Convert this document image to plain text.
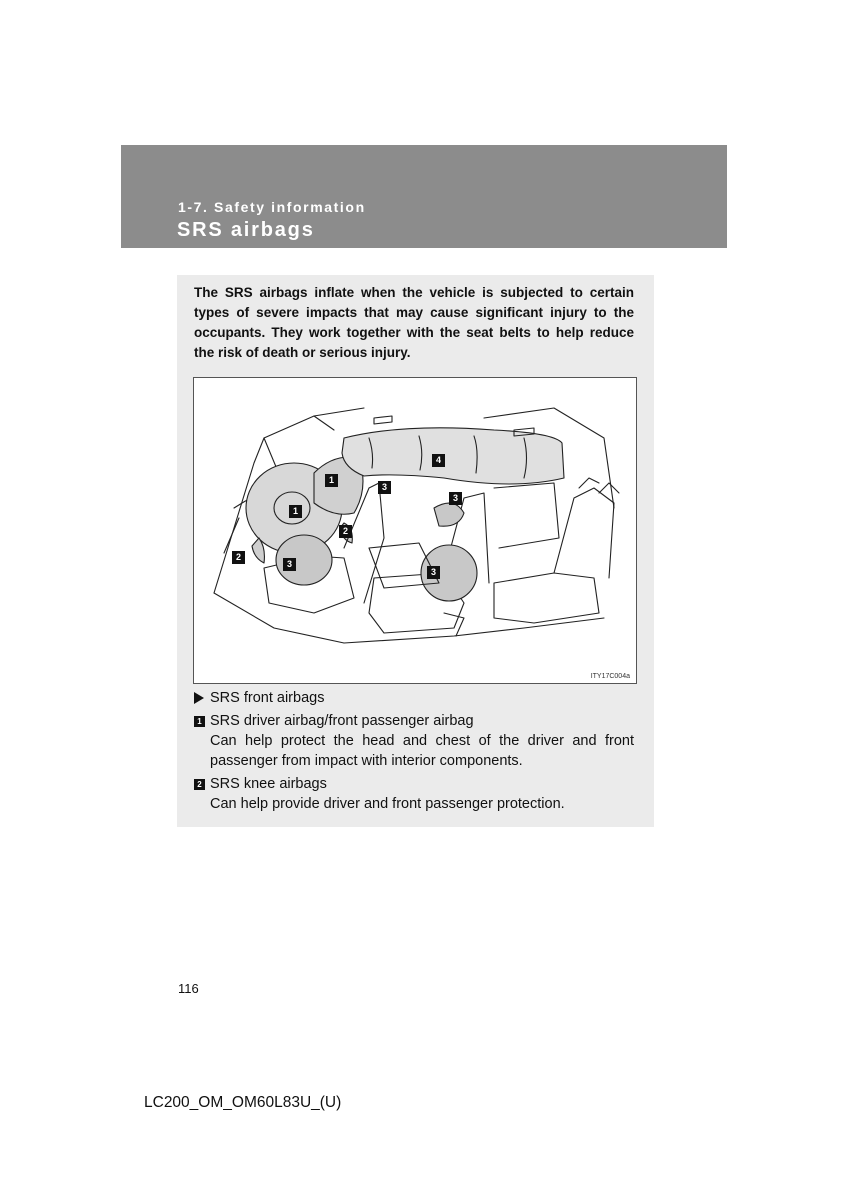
1-7. Safety information
SRS airbags
The SRS airbags inflate when the vehicle is subjected to certain types of severe impacts that may cause significant injury to the occupants. They work together with the seat belts to help reduce the risk of death or serious injury.
1
1
2
2
3
3
3
3
4
ITY17C004a
SRS front airbags
1 SRS driver airbag/front passenger airbag
Can help protect the head and chest of the driver and front passenger from impact with interior components.
2 SRS knee airbags
Can help provide driver and front passenger protection.
116
LC200_OM_OM60L83U_(U)
